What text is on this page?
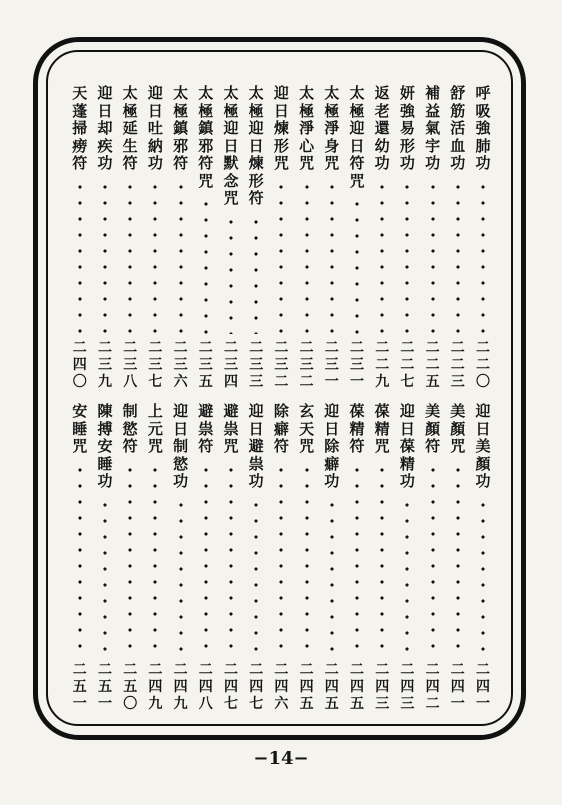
呼
吸
強
肺
功
二
二
〇
舒
筋
活
血
功
二
二
三
補
益
氣
宇
功
二
二
五
妍
強
易
形
功
二
二
七
返
老
還
幼
功
二
二
九
太
極
迎
日
符
咒
二
三
一
太
極
淨
身
咒
二
三
一
太
極
淨
心
咒
二
三
二
迎
日
煉
形
咒
二
三
二
太
極
迎
日
煉
形
符
二
三
三
太
極
迎
日
默
念
咒
二
三
四
太
極
鎮
邪
符
咒
二
三
五
太
極
鎮
邪
符
二
三
六
迎
日
吐
納
功
二
三
七
太
極
延
生
符
二
三
八
迎
日
却
疾
功
二
三
九
天
蓬
掃
痨
符
二
四
〇
迎
日
美
顏
功
二
四
一
美
顏
咒
二
四
一
美
顏
符
二
四
二
迎
日
葆
精
功
二
四
三
葆
精
咒
二
四
三
葆
精
符
二
四
五
迎
日
除
癖
功
二
四
五
玄
天
咒
二
四
五
除
癖
符
二
四
六
迎
日
避
祟
功
二
四
七
避
祟
咒
二
四
七
避
祟
符
二
四
八
迎
日
制
慾
功
二
四
九
上
元
咒
二
四
九
制
慾
符
二
五
〇
陳
搏
安
睡
功
二
五
一
安
睡
咒
二
五
一
−14−
